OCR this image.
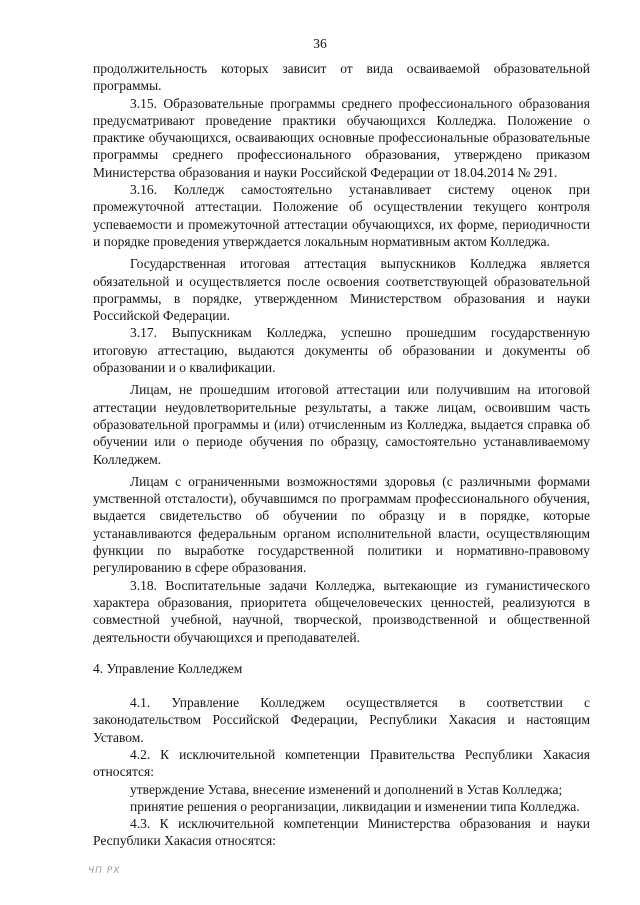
36

продолжительность которых зависит от вида осваиваемой образовательной программы.

3.15. Образовательные программы среднего профессионального образования предусматривают проведение практики обучающихся Колледжа. Положение о практике обучающихся, осваивающих основные профессиональные образовательные программы среднего профессионального образования, утверждено приказом Министерства образования и науки Российской Федерации от 18.04.2014 № 291.

3.16. Колледж самостоятельно устанавливает систему оценок при промежуточной аттестации. Положение об осуществлении текущего контроля успеваемости и промежуточной аттестации обучающихся, их форме, периодичности и порядке проведения утверждается локальным нормативным актом Колледжа.

Государственная итоговая аттестация выпускников Колледжа является обязательной и осуществляется после освоения соответствующей образовательной программы, в порядке, утвержденном Министерством образования и науки Российской Федерации.

3.17. Выпускникам Колледжа, успешно прошедшим государственную итоговую аттестацию, выдаются документы об образовании и документы об образовании и о квалификации.

Лицам, не прошедшим итоговой аттестации или получившим на итоговой аттестации неудовлетворительные результаты, а также лицам, освоившим часть образовательной программы и (или) отчисленным из Колледжа, выдается справка об обучении или о периоде обучения по образцу, самостоятельно устанавливаемому Колледжем.

Лицам с ограниченными возможностями здоровья (с различными формами умственной отсталости), обучавшимся по программам профессионального обучения, выдается свидетельство об обучении по образцу и в порядке, которые устанавливаются федеральным органом исполнительной власти, осуществляющим функции по выработке государственной политики и нормативно-правовому регулированию в сфере образования.

3.18. Воспитательные задачи Колледжа, вытекающие из гуманистического характера образования, приоритета общечеловеческих ценностей, реализуются в совместной учебной, научной, творческой, производственной и общественной деятельности обучающихся и преподавателей.

4. Управление Колледжем

4.1. Управление Колледжем осуществляется в соответствии с законодательством Российской Федерации, Республики Хакасия и настоящим Уставом.

4.2. К исключительной компетенции Правительства Республики Хакасия относятся:

утверждение Устава, внесение изменений и дополнений в Устав Колледжа;

принятие решения о реорганизации, ликвидации и изменении типа Колледжа.

4.3. К исключительной компетенции Министерства образования и науки Республики Хакасия относятся:

ЧП РХ
